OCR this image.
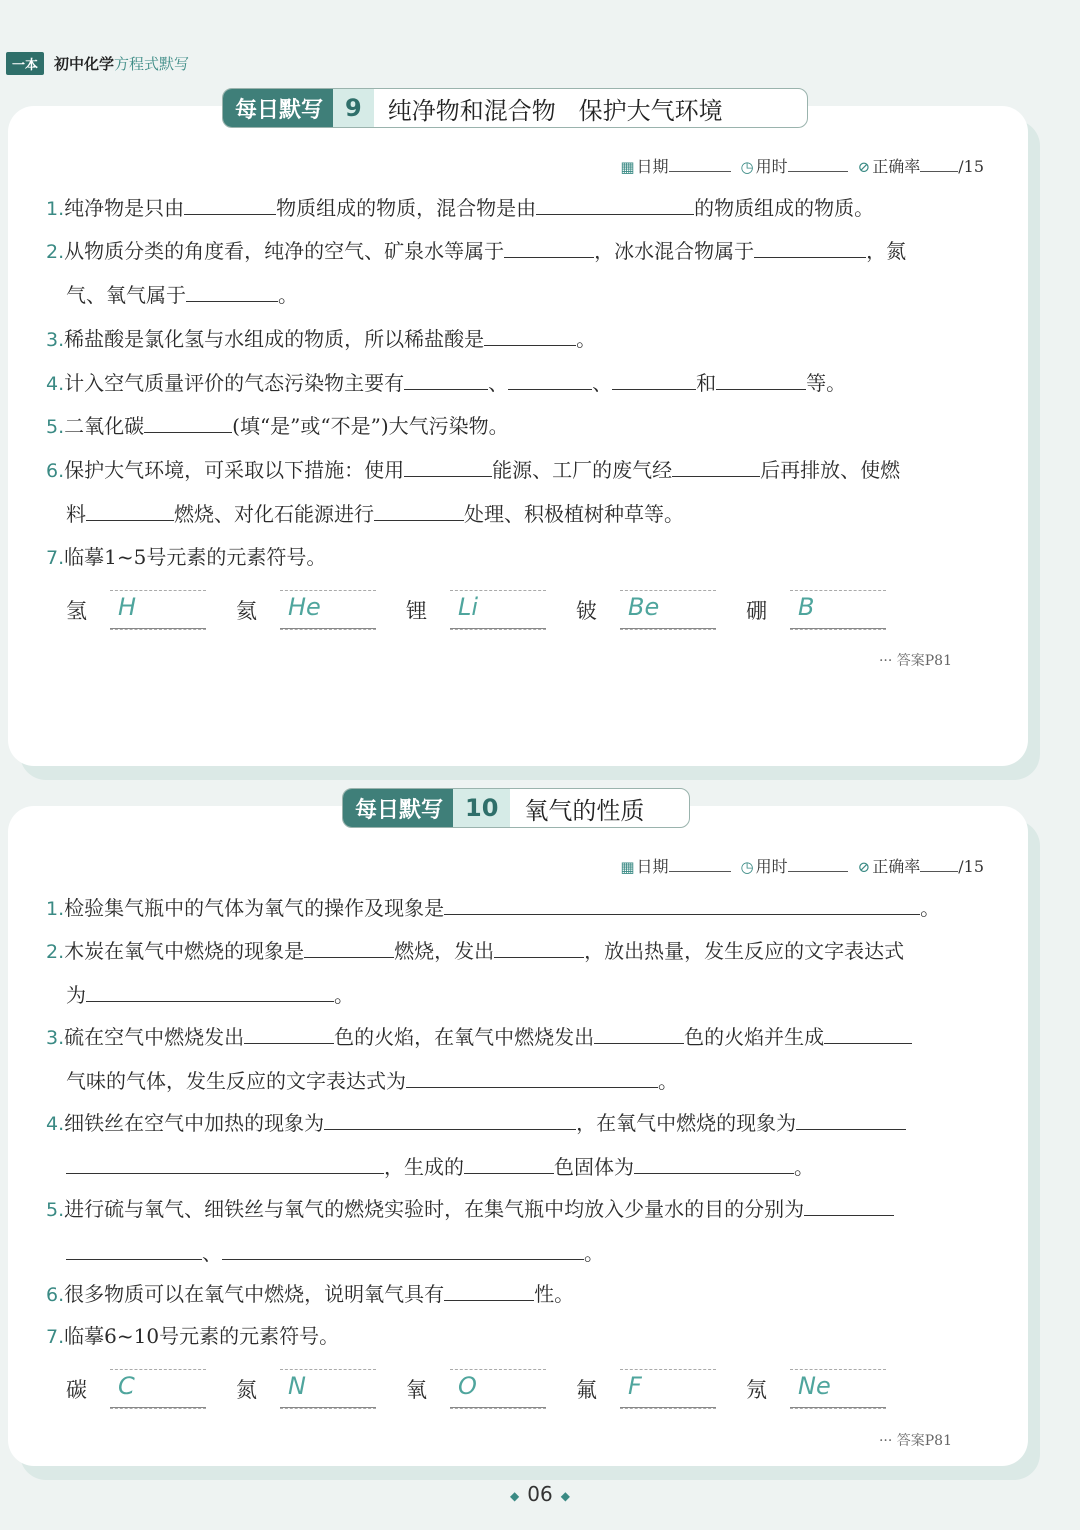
一本	初中化学方程式默写
每日默写 9	纯净物和混合物   保护大气环境
▦ 日期	◷ 用时	⊘ 正确率 /15
1.纯净物是只由	物质组成的物质，混合物是由	的物质组成的物质。
2.从物质分类的角度看，纯净的空气、矿泉水等属于	，冰水混合物属于	，氮
气、氧气属于	。
3.稀盐酸是氯化氢与水组成的物质，所以稀盐酸是	。
4.计入空气质量评价的气态污染物主要有	、	、	和	等。
5.二氧化碳	(填“是”或“不是”)大气污染物。
6.保护大气环境，可采取以下措施：使用	能源、工厂的废气经	后再排放、使燃
料	燃烧、对化石能源进行	处理、积极植树种草等。
7.临摹1~5号元素的元素符号。
氢	H	氦	He	锂	Li	铍	Be	硼	B
··· 答案P81
每日默写 10	氧气的性质
▦ 日期	◷ 用时	⊘ 正确率 /15
1.检验集气瓶中的气体为氧气的操作及现象是	。
2.木炭在氧气中燃烧的现象是	燃烧，发出	，放出热量，发生反应的文字表达式
为	。
3.硫在空气中燃烧发出	色的火焰，在氧气中燃烧发出	色的火焰并生成
气味的气体，发生反应的文字表达式为	。
4.细铁丝在空气中加热的现象为	，在氧气中燃烧的现象为
，生成的	色固体为	。
5.进行硫与氧气、细铁丝与氧气的燃烧实验时，在集气瓶中均放入少量水的目的分别为
、	。
6.很多物质可以在氧气中燃烧，说明氧气具有	性。
7.临摹6~10号元素的元素符号。
碳	C	氮	N	氧	O	氟	F	氖	Ne
··· 答案P81
◆ 06 ◆
